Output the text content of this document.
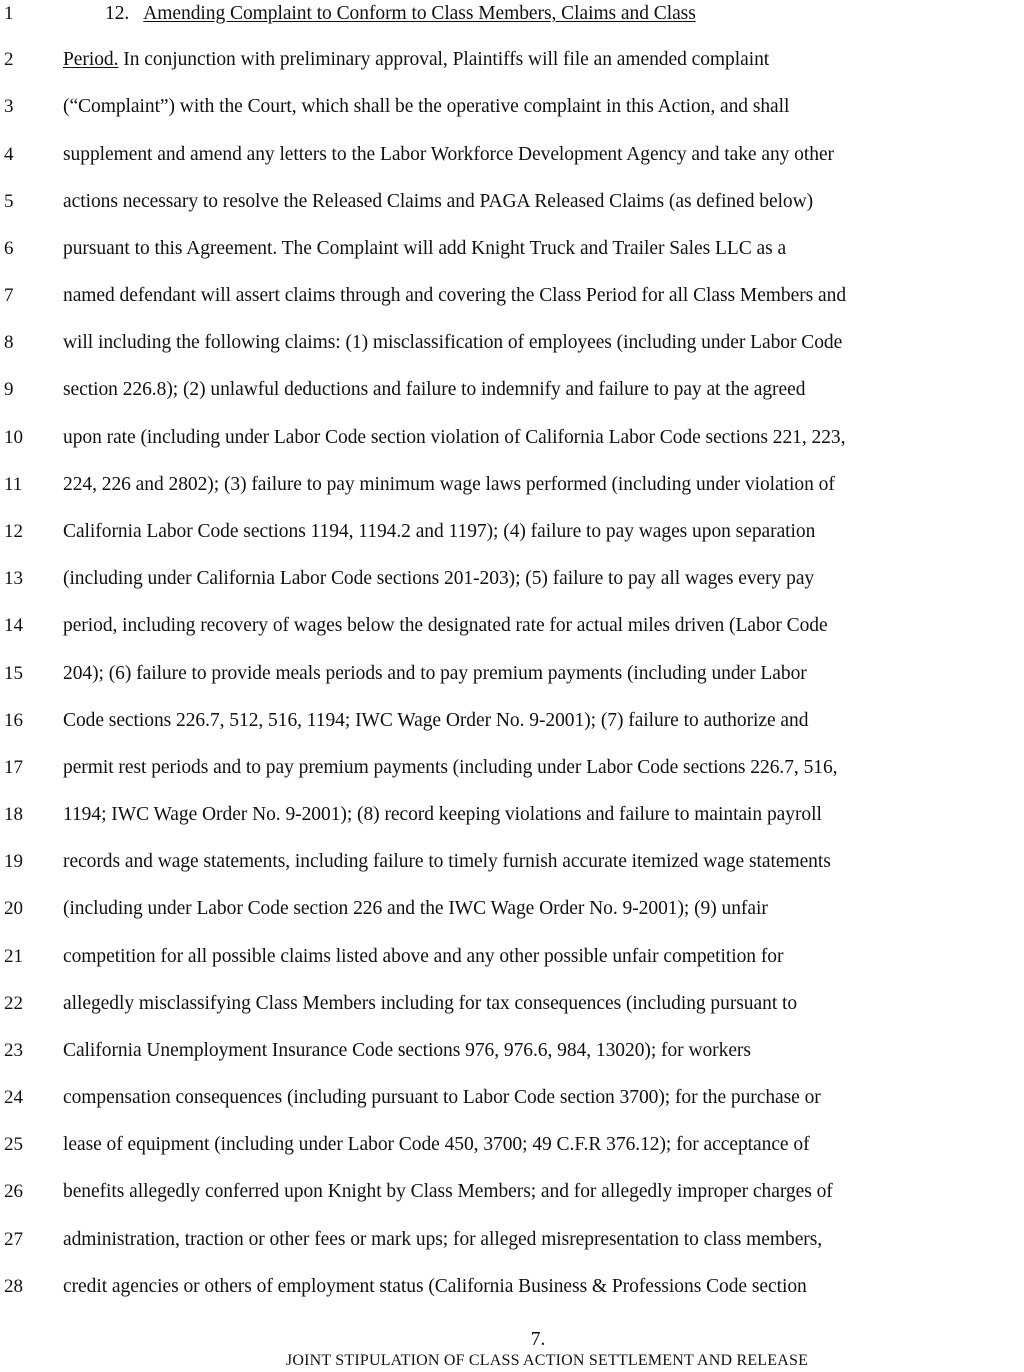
1	12. Amending Complaint to Conform to Class Members, Claims and Class
2	Period. In conjunction with preliminary approval, Plaintiffs will file an amended complaint
3	(“Complaint”) with the Court, which shall be the operative complaint in this Action, and shall
4	supplement and amend any letters to the Labor Workforce Development Agency and take any other
5	actions necessary to resolve the Released Claims and PAGA Released Claims (as defined below)
6	pursuant to this Agreement. The Complaint will add Knight Truck and Trailer Sales LLC as a
7	named defendant will assert claims through and covering the Class Period for all Class Members and
8	will including the following claims: (1) misclassification of employees (including under Labor Code
9	section 226.8); (2) unlawful deductions and failure to indemnify and failure to pay at the agreed
10	upon rate (including under Labor Code section violation of California Labor Code sections 221, 223,
11	224, 226 and 2802); (3) failure to pay minimum wage laws performed (including under violation of
12	California Labor Code sections 1194, 1194.2 and 1197); (4) failure to pay wages upon separation
13	(including under California Labor Code sections 201-203); (5) failure to pay all wages every pay
14	period, including recovery of wages below the designated rate for actual miles driven (Labor Code
15	204); (6) failure to provide meals periods and to pay premium payments (including under Labor
16	Code sections 226.7, 512, 516, 1194; IWC Wage Order No. 9-2001); (7) failure to authorize and
17	permit rest periods and to pay premium payments (including under Labor Code sections 226.7, 516,
18	1194; IWC Wage Order No. 9-2001); (8) record keeping violations and failure to maintain payroll
19	records and wage statements, including failure to timely furnish accurate itemized wage statements
20	(including under Labor Code section 226 and the IWC Wage Order No. 9-2001); (9) unfair
21	competition for all possible claims listed above and any other possible unfair competition for
22	allegedly misclassifying Class Members including for tax consequences (including pursuant to
23	California Unemployment Insurance Code sections 976, 976.6, 984, 13020); for workers
24	compensation consequences (including pursuant to Labor Code section 3700); for the purchase or
25	lease of equipment (including under Labor Code 450, 3700; 49 C.F.R 376.12); for acceptance of
26	benefits allegedly conferred upon Knight by Class Members; and for allegedly improper charges of
27	administration, traction or other fees or mark ups; for alleged misrepresentation to class members,
28	credit agencies or others of employment status (California Business & Professions Code section
7.
JOINT STIPULATION OF CLASS ACTION SETTLEMENT AND RELEASE
